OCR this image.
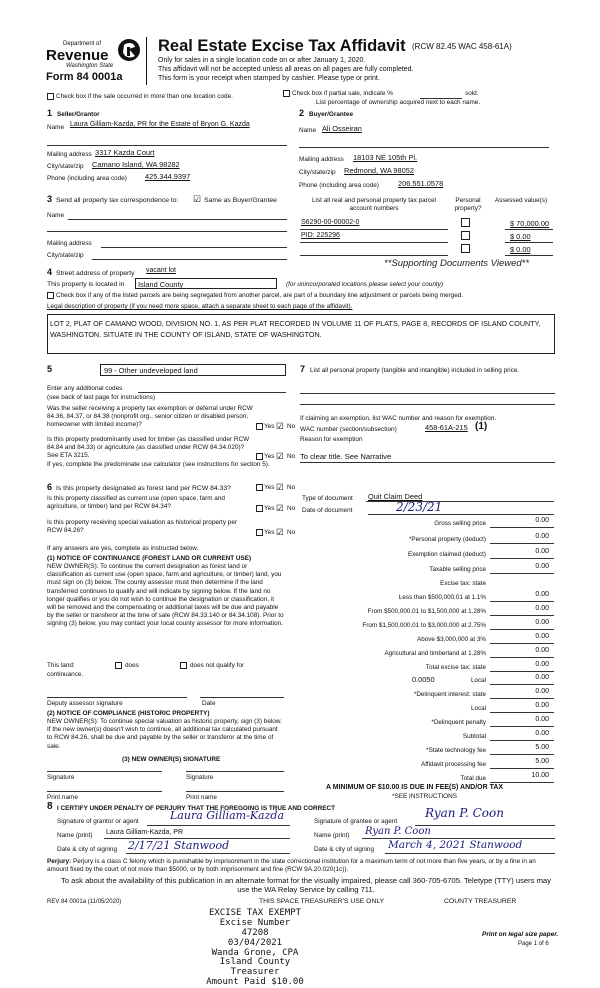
Department of
Revenue
Washington State
Form 84 0001a
Real Estate Excise Tax Affidavit (RCW 82.45 WAC 458-61A)
Only for sales in a single location code on or after January 1, 2020.
This affidavit will not be accepted unless all areas on all pages are fully completed.
This form is your receipt when stamped by cashier. Please type or print.
Check box if the sale occurred in more than one location code.	Check box if partial sale, indicate %	sold.
List percentage of ownership acquired next to each name.
1 Seller/Grantor
Name Laura Gilliam-Kazda, PR for the Estate of Bryon G. Kazda
Mailing address 3317 Kazda Court
City/state/zip Camano Island, WA 98282
Phone (including area code) 425.344.9397
2 Buyer/Grantee
Name Ali Osseiran
Mailing address 18103 NE 105th Pl.
City/state/zip Redmond, WA 98052
Phone (including area code)	206.551.0578
3 Send all property tax correspondence to: ☑ Same as Buyer/Grantee
Name
Mailing address
City/state/zip
List all real and personal property tax parcel account numbers
Personal property?
Assessed value(s)
S6290-00-00002-0	$ 70,000.00
PID: 225296	$ 0.00
$ 0.00
**Supporting Documents Viewed**
4 Street address of property vacant lot
This property is located in Island County	(for unincorporated locations please select your county)
Check box if any of the listed parcels are being segregated from another parcel, are part of a boundary line adjustment or parcels being merged.
Legal description of property (if you need more space, attach a separate sheet to each page of the affidavit).
LOT 2, PLAT OF CAMANO WOOD, DIVISION NO. 1, AS PER PLAT RECORDED IN VOLUME 11 OF PLATS, PAGE 8, RECORDS OF ISLAND COUNTY, WASHINGTON. SITUATE IN THE COUNTY OF ISLAND, STATE OF WASHINGTON.
5	99 - Other undeveloped land
Enter any additional codes
(see back of last page for instructions)
Was the seller receiving a property tax exemption or deferral under RCW 84.36, 84.37, or 84.38 (nonprofit org., senior citizen or disabled person, homeowner with limited income)?	Yes ☑ No
Is this property predominantly used for timber (as classified under RCW 84.84 and 84.33) or agriculture (as classified under RCW 84.34.020)? See ETA 3215.	Yes ☑ No
If yes, complete the predominate use calculator (see instructions for section 5).
6 Is this property designated as forest land per RCW 84.33?	Yes ☑ No
Is this property classified as current use (open space, farm and agriculture, or timber) land per RCW 84.34?	Yes ☑ No
Is this property receiving special valuation as historical property per RCW 84.26?	Yes ☑ No
If any answers are yes, complete as instructed below.
(1) NOTICE OF CONTINUANCE (FOREST LAND OR CURRENT USE)
NEW OWNER(S): To continue the current designation as forest land or classification as current use (open space, farm and agriculture, or timber) land, you must sign on (3) below. The county assessor must then determine if the land transferred continues to qualify and will indicate by signing below. If the land no longer qualifies or you do not wish to continue the designation or classification, it will be removed and the compensating or additional taxes will be due and payable by the seller or transferor at the time of sale (RCW 84.33.140 or 84.34.108). Prior to signing (3) below, you may contact your local county assessor for more information.
This land:	does	does not qualify for
continuance.
Deputy assessor signature	Date
(2) NOTICE OF COMPLIANCE (HISTORIC PROPERTY)
NEW OWNER(S): To continue special valuation as historic property, sign (3) below. If the new owner(s) doesn't wish to continue, all additional tax calculated pursuant to RCW 84.26, shall be due and payable by the seller or transferor at the time of sale.
(3) NEW OWNER(S) SIGNATURE
Signature	Signature
Print name	Print name
7 List all personal property (tangible and intangible) included in selling price.
If claiming an exemption, list WAC number and reason for exemption.
WAC number (section/subsection)	458-61A-215 (1)
Reason for exemption
To clear title. See Narrative
Type of document Quit Claim Deed
Date of document	2/23/21
Gross selling price	0.00
*Personal property (deduct)	0.00
Exemption claimed (deduct)	0.00
Taxable selling price	0.00
Excise tax: state
Less than $500,000.01 at 1.1%	0.00
From $500,000.01 to $1,500,000 at 1.28%	0.00
From $1,500,000.01 to $3,000,000 at 2.75%	0.00
Above $3,000,000 at 3%	0.00
Agricultural and timberland at 1.28%	0.00
Total excise tax: state	0.00
0.0050	Local	0.00
*Delinquent interest: state	0.00
Local	0.00
*Delinquent penalty	0.00
Subtotal	0.00
*State technology fee	5.00
Affidavit processing fee	5.00
Total due	10.00
A MINIMUM OF $10.00 IS DUE IN FEE(S) AND/OR TAX
*SEE INSTRUCTIONS
8 I CERTIFY UNDER PENALTY OF PERJURY THAT THE FOREGOING IS TRUE AND CORRECT
Signature of grantor or agent	Laura Gilliam-Kazda
Name (print) Laura Gilliam-Kazda, PR
Date & city of signing 2/17/21 Stanwood
Signature of grantee or agent
Ryan P. Coon
Name (print) Ryan P. Coon
Date & city of signing March 4, 2021 Stanwood
Perjury: Perjury is a class C felony which is punishable by imprisonment in the state correctional institution for a maximum term of not more than five years, or by a fine in an amount fixed by the court of not more than $5000, or by both imprisonment and fine (RCW 9A.20.020(1c)).
To ask about the availability of this publication in an alternate format for the visually impaired, please call 360-705-6705. Teletype (TTY) users may use the WA Relay Service by calling 711.
REV 84 0001a (11/05/2020)	THIS SPACE TREASURER'S USE ONLY	COUNTY TREASURER
EXCISE TAX EXEMPT
Excise Number 47208
03/04/2021
Wanda Grone, CPA
Island County Treasurer
Amount Paid $10.00
Print on legal size paper.
Page 1 of 6
